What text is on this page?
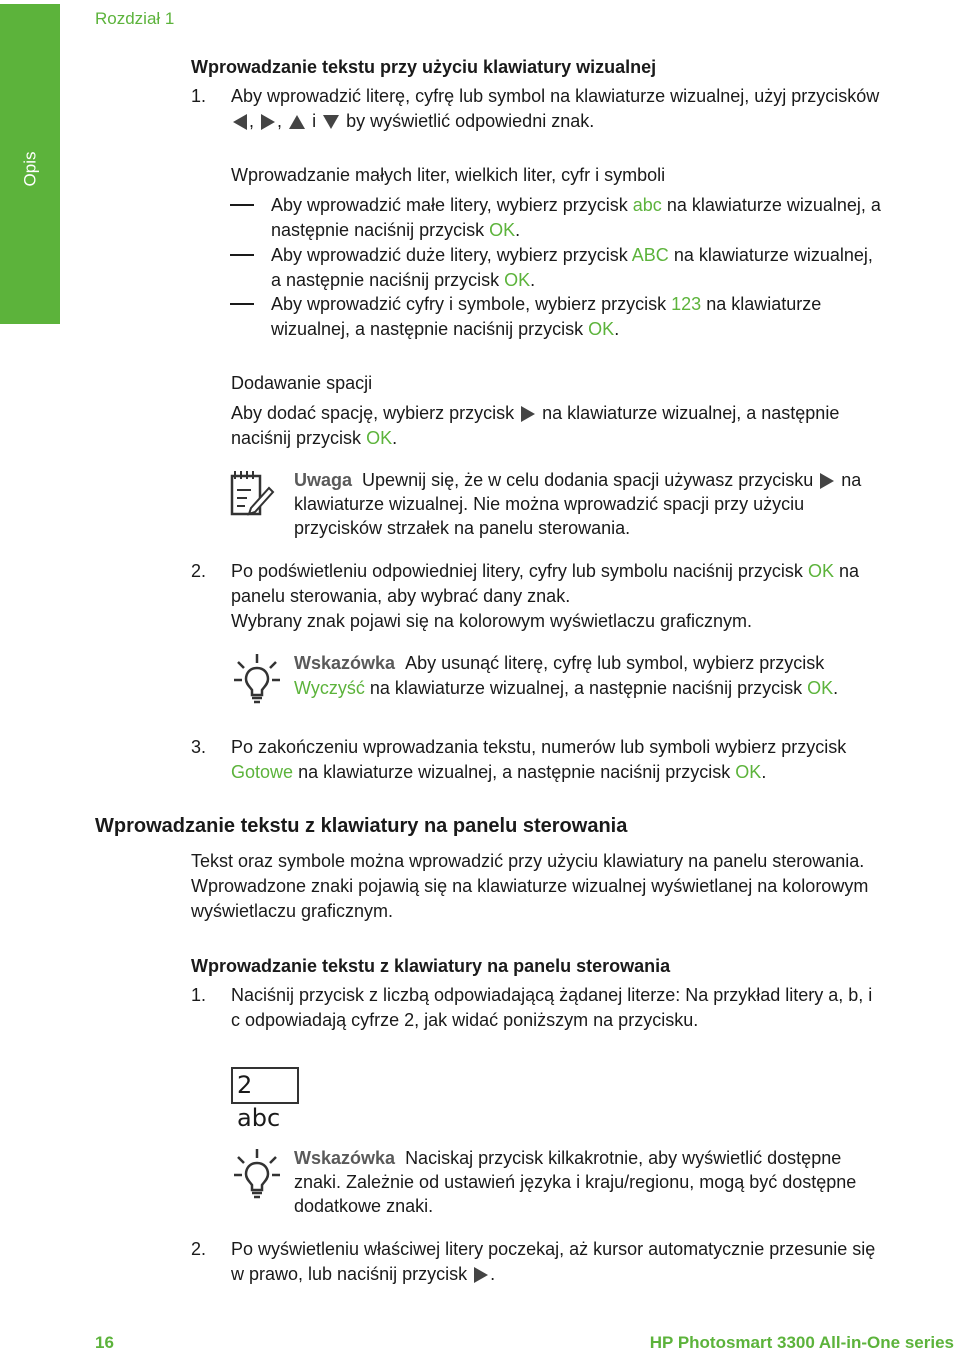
Opis
Rozdział 1
Wprowadzanie tekstu przy użyciu klawiatury wizualnej
1. Aby wprowadzić literę, cyfrę lub symbol na klawiaturze wizualnej, użyj przycisków
, , i by wyświetlić odpowiedni znak.
Wprowadzanie małych liter, wielkich liter, cyfr i symboli
Aby wprowadzić małe litery, wybierz przycisk abc na klawiaturze wizualnej, a
następnie naciśnij przycisk OK.
Aby wprowadzić duże litery, wybierz przycisk ABC na klawiaturze wizualnej,
a następnie naciśnij przycisk OK.
Aby wprowadzić cyfry i symbole, wybierz przycisk 123 na klawiaturze
wizualnej, a następnie naciśnij przycisk OK.
Dodawanie spacji
Aby dodać spację, wybierz przycisk na klawiaturze wizualnej, a następnie
naciśnij przycisk OK.
Uwaga Upewnij się, że w celu dodania spacji używasz przycisku na
klawiaturze wizualnej. Nie można wprowadzić spacji przy użyciu
przycisków strzałek na panelu sterowania.
2. Po podświetleniu odpowiedniej litery, cyfry lub symbolu naciśnij przycisk OK na
panelu sterowania, aby wybrać dany znak.
Wybrany znak pojawi się na kolorowym wyświetlaczu graficznym.
Wskazówka Aby usunąć literę, cyfrę lub symbol, wybierz przycisk
Wyczyść na klawiaturze wizualnej, a następnie naciśnij przycisk OK.
3. Po zakończeniu wprowadzania tekstu, numerów lub symboli wybierz przycisk
Gotowe na klawiaturze wizualnej, a następnie naciśnij przycisk OK.
Wprowadzanie tekstu z klawiatury na panelu sterowania
Tekst oraz symbole można wprowadzić przy użyciu klawiatury na panelu sterowania.
Wprowadzone znaki pojawią się na klawiaturze wizualnej wyświetlanej na kolorowym
wyświetlaczu graficznym.
Wprowadzanie tekstu z klawiatury na panelu sterowania
1. Naciśnij przycisk z liczbą odpowiadającą żądanej literze: Na przykład litery a, b, i
c odpowiadają cyfrze 2, jak widać poniższym na przycisku.
2 abc
Wskazówka Naciskaj przycisk kilkakrotnie, aby wyświetlić dostępne
znaki. Zależnie od ustawień języka i kraju/regionu, mogą być dostępne
dodatkowe znaki.
2. Po wyświetleniu właściwej litery poczekaj, aż kursor automatycznie przesunie się
w prawo, lub naciśnij przycisk .
16	HP Photosmart 3300 All-in-One series
